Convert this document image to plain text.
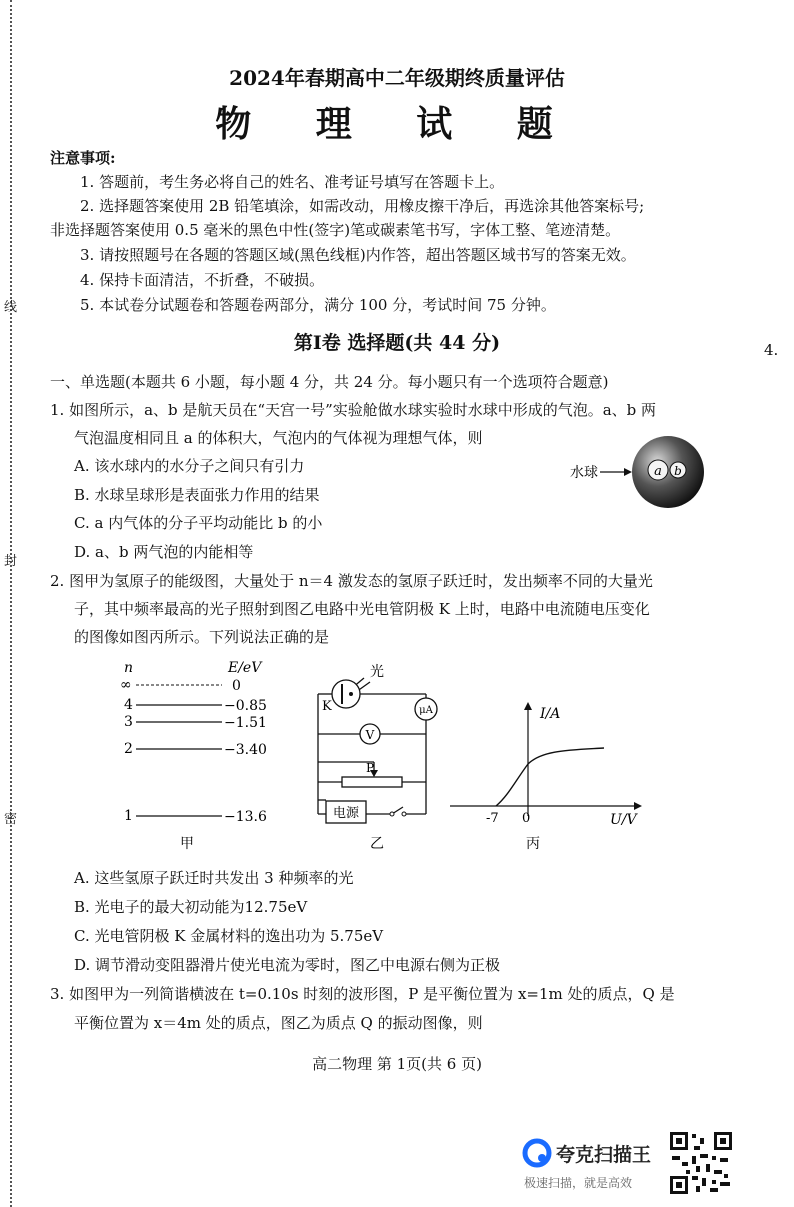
线
封
密
4.
2024年春期高中二年级期终质量评估
物 理 试 题
注意事项:
1. 答题前，考生务必将自己的姓名、准考证号填写在答题卡上。
2. 选择题答案使用 2B 铅笔填涂，如需改动，用橡皮擦干净后，再选涂其他答案标号;
非选择题答案使用 0.5 毫米的黑色中性(签字)笔或碳素笔书写，字体工整、笔迹清楚。
3. 请按照题号在各题的答题区域(黑色线框)内作答，超出答题区域书写的答案无效。
4. 保持卡面清洁，不折叠，不破损。
5. 本试卷分试题卷和答题卷两部分，满分 100 分，考试时间 75 分钟。
第Ⅰ卷 选择题(共 44 分)
一、单选题(本题共 6 小题，每小题 4 分，共 24 分。每小题只有一个选项符合题意)
1. 如图所示，a、b 是航天员在“天宫一号”实验舱做水球实验时水球中形成的气泡。a、b 两
气泡温度相同且 a 的体积大，气泡内的气体视为理想气体，则
A. 该水球内的水分子之间只有引力
B. 水球呈球形是表面张力作用的结果
C. a 内气体的分子平均动能比 b 的小
D. a、b 两气泡的内能相等
水球	a b
2. 图甲为氢原子的能级图，大量处于 n＝4 激发态的氢原子跃迁时，发出频率不同的大量光
子，其中频率最高的光子照射到图乙电路中光电管阴极 K 上时，电路中电流随电压变化
的图像如图丙所示。下列说法正确的是
n	E/eV
∞	0
4	−0.85
3	−1.51
2	−3.40
1	−13.6
甲
光
K	μA
V
P
电源
乙
I/A
U/V
-7 0
丙
A. 这些氢原子跃迁时共发出 3 种频率的光
B. 光电子的最大初动能为12.75eV
C. 光电管阴极 K 金属材料的逸出功为 5.75eV
D. 调节滑动变阻器滑片使光电流为零时，图乙中电源右侧为正极
3. 如图甲为一列简谐横波在 t=0.10s 时刻的波形图，P 是平衡位置为 x=1m 处的质点，Q 是
平衡位置为 x＝4m 处的质点，图乙为质点 Q 的振动图像，则
高二物理 第 1页(共 6 页)
夸克扫描王
极速扫描，就是高效
